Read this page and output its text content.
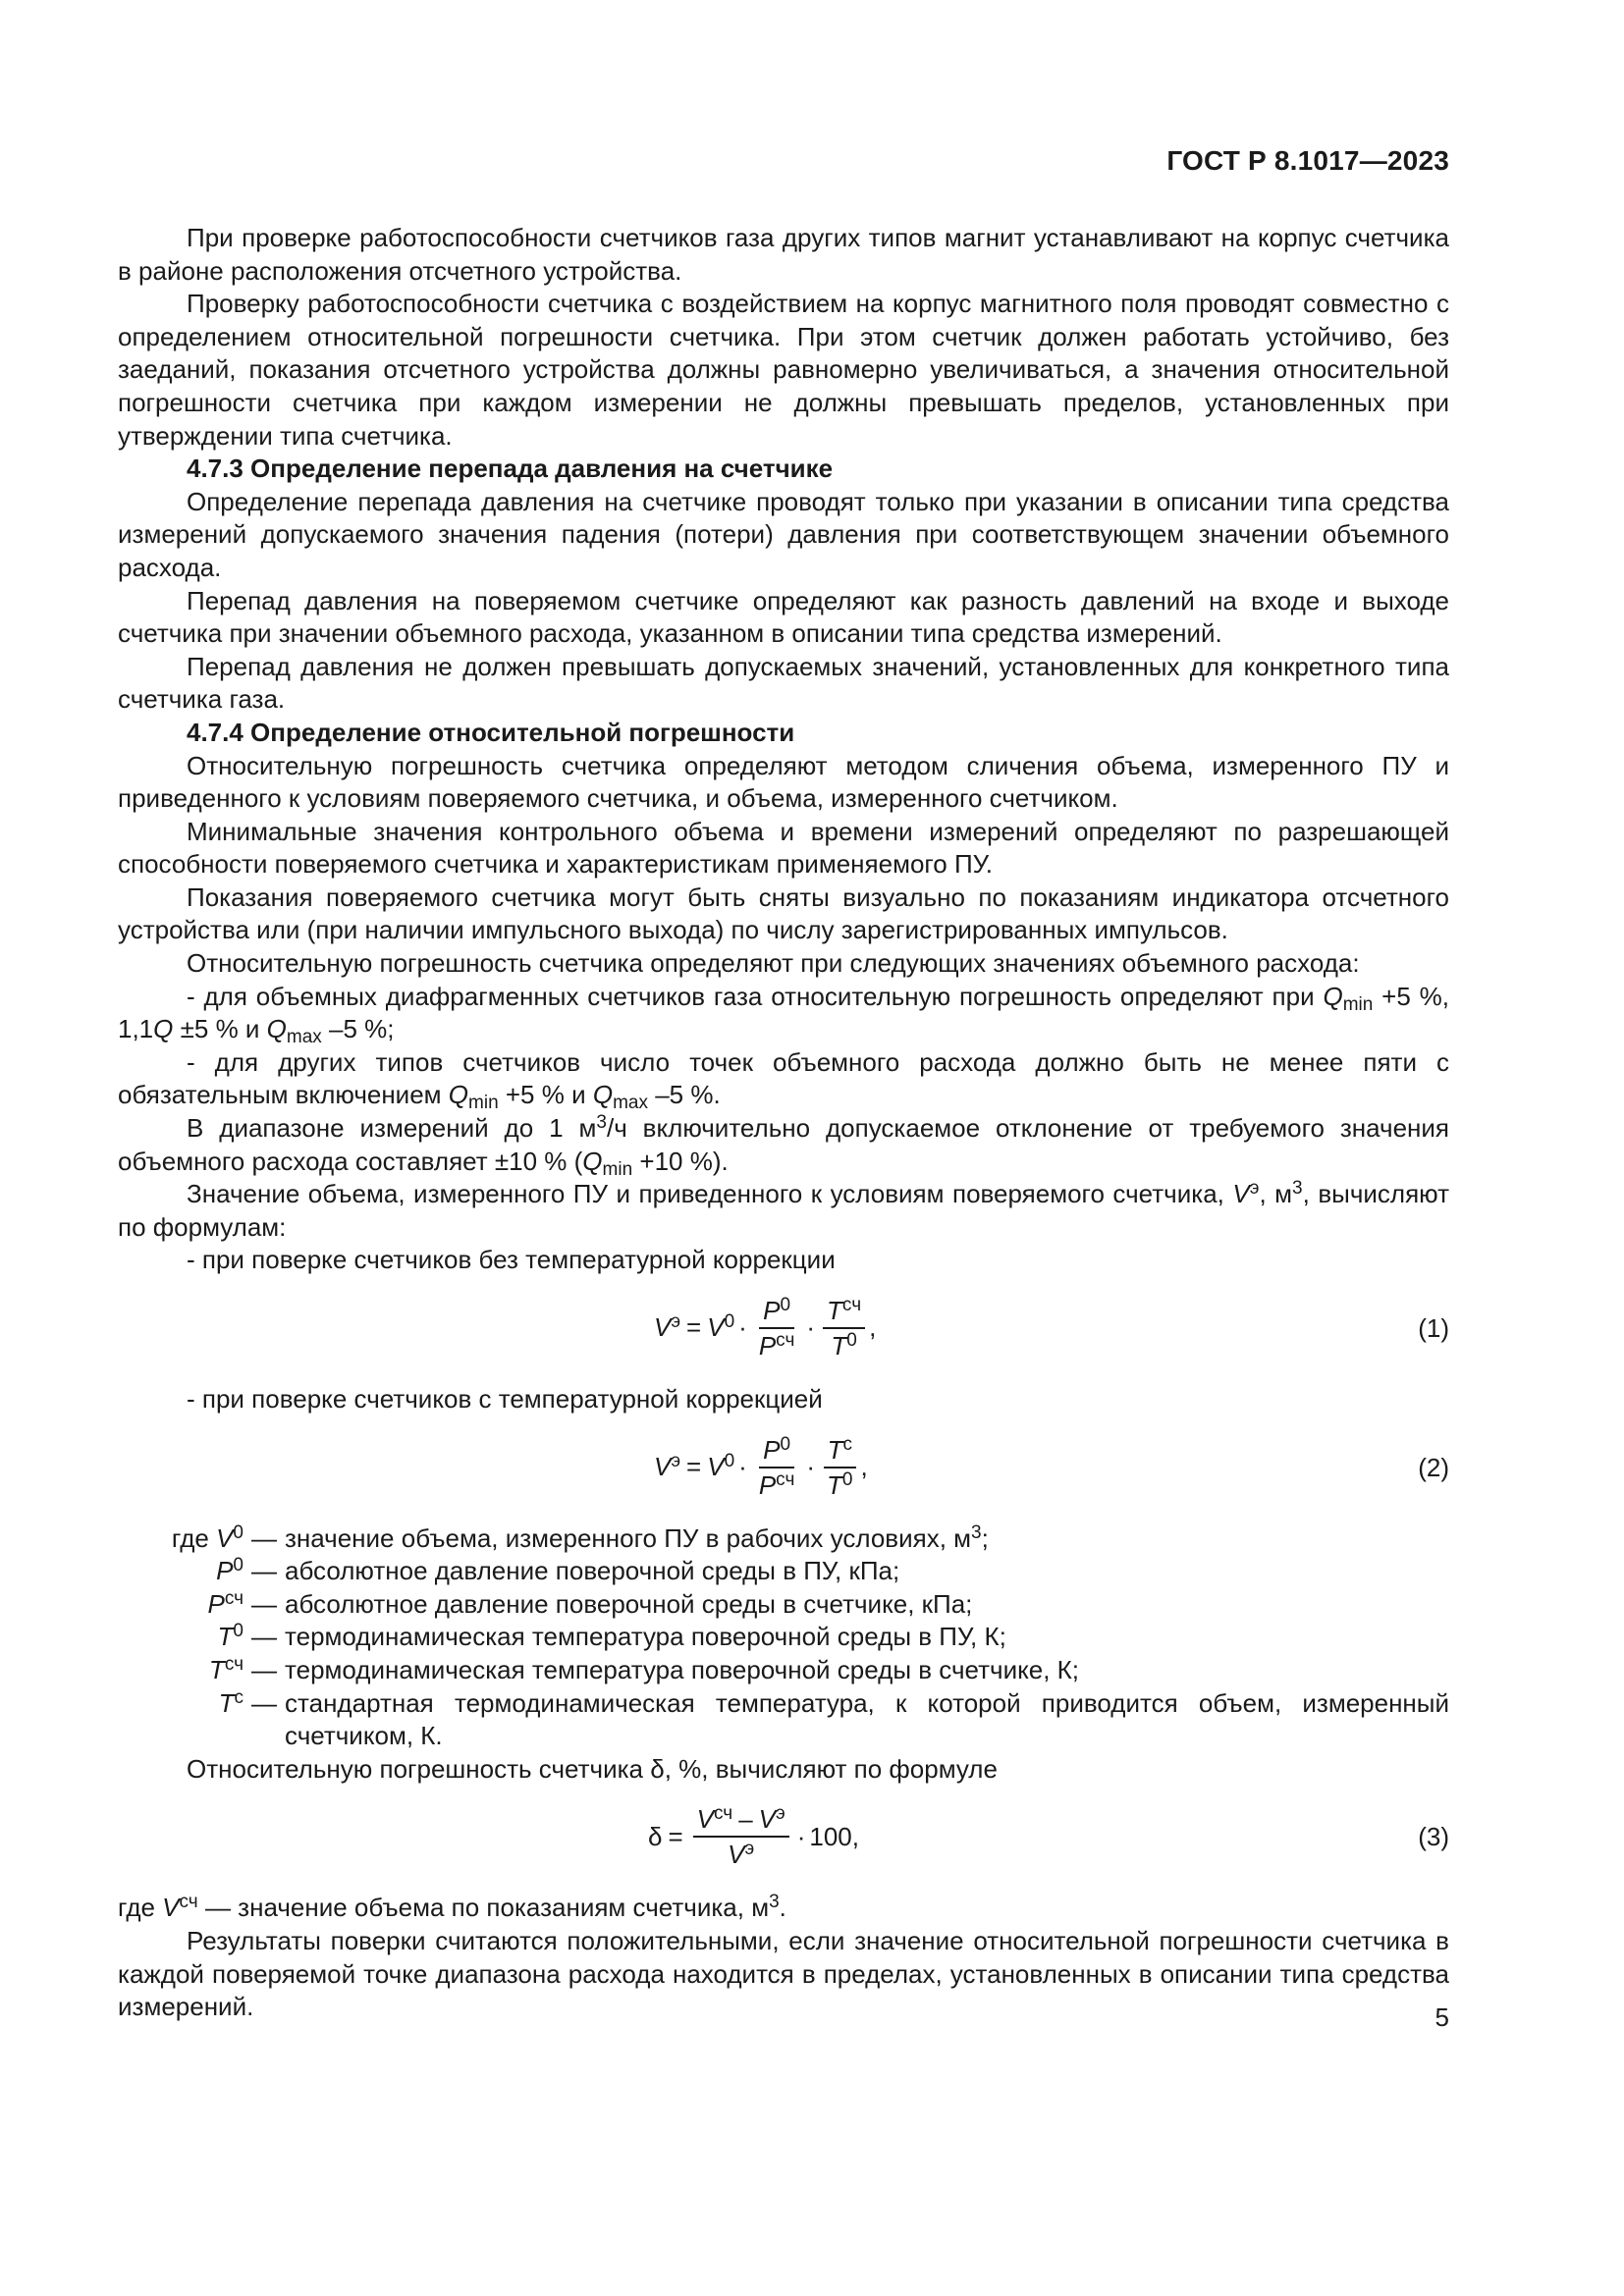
ГОСТ Р 8.1017—2023

При проверке работоспособности счетчиков газа других типов магнит устанавливают на корпус счетчика в районе расположения отсчетного устройства.

Проверку работоспособности счетчика с воздействием на корпус магнитного поля проводят совместно с определением относительной погрешности счетчика. При этом счетчик должен работать устойчиво, без заеданий, показания отсчетного устройства должны равномерно увеличиваться, а значения относительной погрешности счетчика при каждом измерении не должны превышать пределов, установленных при утверждении типа счетчика.

4.7.3 Определение перепада давления на счетчике

Определение перепада давления на счетчике проводят только при указании в описании типа средства измерений допускаемого значения падения (потери) давления при соответствующем значении объемного расхода.

Перепад давления на поверяемом счетчике определяют как разность давлений на входе и выходе счетчика при значении объемного расхода, указанном в описании типа средства измерений.

Перепад давления не должен превышать допускаемых значений, установленных для конкретного типа счетчика газа.

4.7.4 Определение относительной погрешности

Относительную погрешность счетчика определяют методом сличения объема, измеренного ПУ и приведенного к условиям поверяемого счетчика, и объема, измеренного счетчиком.

Минимальные значения контрольного объема и времени измерений определяют по разрешающей способности поверяемого счетчика и характеристикам применяемого ПУ.

Показания поверяемого счетчика могут быть сняты визуально по показаниям индикатора отсчетного устройства или (при наличии импульсного выхода) по числу зарегистрированных импульсов.

Относительную погрешность счетчика определяют при следующих значениях объемного расхода:

- для объемных диафрагменных счетчиков газа относительную погрешность определяют при $Q_{min} +5$ %, 1,1Q ±5 % и $Q_{max}$ –5 %;

- для других типов счетчиков число точек объемного расхода должно быть не менее пяти с обязательным включением $Q_{min} +5$ % и $Q_{max}$ –5 %.

В диапазоне измерений до 1 $м^3/ч$ включительно допускаемое отклонение от требуемого значения объемного расхода составляет ±10 % ($Q_{min} +10$ %).

Значение объема, измеренного ПУ и приведенного к условиям поверяемого счетчика, $V^э$, $м^3$, вычисляют по формулам:

- при поверке счетчиков без температурной коррекции

$V^э = V^0 \cdot \frac{P^0}{P^{сч}} \cdot \frac{T^{сч}}{T^0}$ ,	(1)

- при поверке счетчиков с температурной коррекцией

$V^э = V^0 \cdot \frac{P^0}{P^{сч}} \cdot \frac{T^с}{T^0}$ ,	(2)
где $V^0$ — значение объема, измеренного ПУ в рабочих условиях, $м^3$;
$P^0$ — абсолютное давление поверочной среды в ПУ, кПа;
$P^{сч}$ — абсолютное давление поверочной среды в счетчике, кПа;
$T^0$ — термодинамическая температура поверочной среды в ПУ, К;
$T^{сч}$ — термодинамическая температура поверочной среды в счетчике, К;
$T^с$ — стандартная термодинамическая температура, к которой приводится объем, измеренный счетчиком, К.

Относительную погрешность счетчика δ, %, вычисляют по формуле

$\delta = \frac{V^{сч} - V^э}{V^э} \cdot 100$,	(3)

где $V^{сч}$ — значение объема по показаниям счетчика, $м^3$.

Результаты поверки считаются положительными, если значение относительной погрешности счетчика в каждой поверяемой точке диапазона расхода находится в пределах, установленных в описании типа средства измерений.	5
